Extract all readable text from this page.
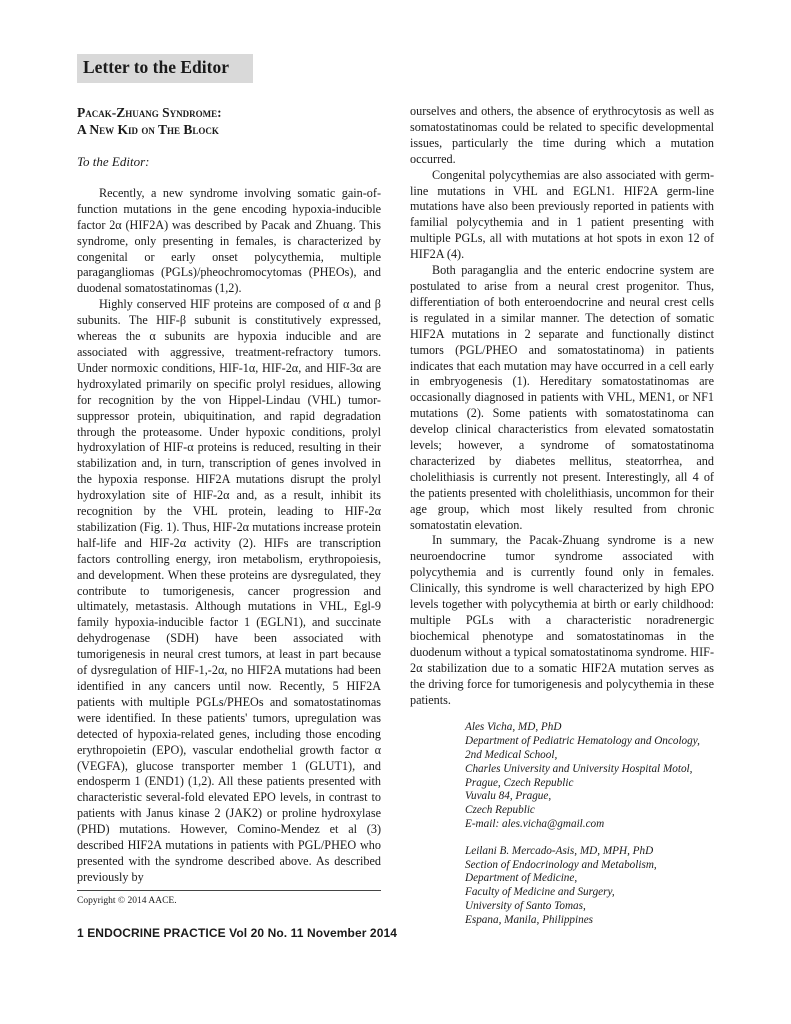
Letter to the Editor
Pacak-Zhuang Syndrome:
A New Kid on The Block
To the Editor:

Recently, a new syndrome involving somatic gain-of-function mutations in the gene encoding hypoxia-inducible factor 2α (HIF2A) was described by Pacak and Zhuang. This syndrome, only presenting in females, is characterized by congenital or early onset polycythemia, multiple paragangliomas (PGLs)/pheochromocytomas (PHEOs), and duodenal somatostatinomas (1,2).

Highly conserved HIF proteins are composed of α and β subunits. The HIF-β subunit is constitutively expressed, whereas the α subunits are hypoxia inducible and are associated with aggressive, treatment-refractory tumors. Under normoxic conditions, HIF-1α, HIF-2α, and HIF-3α are hydroxylated primarily on specific prolyl residues, allowing for recognition by the von Hippel-Lindau (VHL) tumor-suppressor protein, ubiquitination, and rapid degradation through the proteasome. Under hypoxic conditions, prolyl hydroxylation of HIF-α proteins is reduced, resulting in their stabilization and, in turn, transcription of genes involved in the hypoxia response. HIF2A mutations disrupt the prolyl hydroxylation site of HIF-2α and, as a result, inhibit its recognition by the VHL protein, leading to HIF-2α stabilization (Fig. 1). Thus, HIF-2α mutations increase protein half-life and HIF-2α activity (2). HIFs are transcription factors controlling energy, iron metabolism, erythropoiesis, and development. When these proteins are dysregulated, they contribute to tumorigenesis, cancer progression and ultimately, metastasis. Although mutations in VHL, Egl-9 family hypoxia-inducible factor 1 (EGLN1), and succinate dehydrogenase (SDH) have been associated with tumorigenesis in neural crest tumors, at least in part because of dysregulation of HIF-1,-2α, no HIF2A mutations had been identified in any cancers until now. Recently, 5 HIF2A patients with multiple PGLs/PHEOs and somatostatinomas were identified. In these patients' tumors, upregulation was detected of hypoxia-related genes, including those encoding erythropoietin (EPO), vascular endothelial growth factor α (VEGFA), glucose transporter member 1 (GLUT1), and endosperm 1 (END1) (1,2). All these patients presented with characteristic several-fold elevated EPO levels, in contrast to patients with Janus kinase 2 (JAK2) or proline hydroxylase (PHD) mutations. However, Comino-Mendez et al (3) described HIF2A mutations in patients with PGL/PHEO who presented with the syndrome described above. As described previously by

ourselves and others, the absence of erythrocytosis as well as somatostatinomas could be related to specific developmental issues, particularly the time during which a mutation occurred.

Congenital polycythemias are also associated with germ-line mutations in VHL and EGLN1. HIF2A germ-line mutations have also been previously reported in patients with familial polycythemia and in 1 patient presenting with multiple PGLs, all with mutations at hot spots in exon 12 of HIF2A (4).

Both paraganglia and the enteric endocrine system are postulated to arise from a neural crest progenitor. Thus, differentiation of both enteroendocrine and neural crest cells is regulated in a similar manner. The detection of somatic HIF2A mutations in 2 separate and functionally distinct tumors (PGL/PHEO and somatostatinoma) in patients indicates that each mutation may have occurred in a cell early in embryogenesis (1). Hereditary somatostatinomas are occasionally diagnosed in patients with VHL, MEN1, or NF1 mutations (2). Some patients with somatostatinoma can develop clinical characteristics from elevated somatostatin levels; however, a syndrome of somatostatinoma characterized by diabetes mellitus, steatorrhea, and cholelithiasis is currently not present. Interestingly, all 4 of the patients presented with cholelithiasis, uncommon for their age group, which most likely resulted from chronic somatostatin elevation.

In summary, the Pacak-Zhuang syndrome is a new neuroendocrine tumor syndrome associated with polycythemia and is currently found only in females. Clinically, this syndrome is well characterized by high EPO levels together with polycythemia at birth or early childhood: multiple PGLs with a characteristic noradrenergic biochemical phenotype and somatostatinomas in the duodenum without a typical somatostatinoma syndrome. HIF-2α stabilization due to a somatic HIF2A mutation serves as the driving force for tumorigenesis and polycythemia in these patients.

Ales Vicha, MD, PhD
Department of Pediatric Hematology and Oncology,
2nd Medical School,
Charles University and University Hospital Motol,
Prague, Czech Republic
Vuvalu 84, Prague,
Czech Republic
E-mail: ales.vicha@gmail.com
Leilani B. Mercado-Asis, MD, MPH, PhD
Section of Endocrinology and Metabolism,
Department of Medicine,
Faculty of Medicine and Surgery,
University of Santo Tomas,
Espana, Manila, Philippines
Copyright © 2014 AACE.
1 ENDOCRINE PRACTICE Vol 20 No. 11 November 2014
